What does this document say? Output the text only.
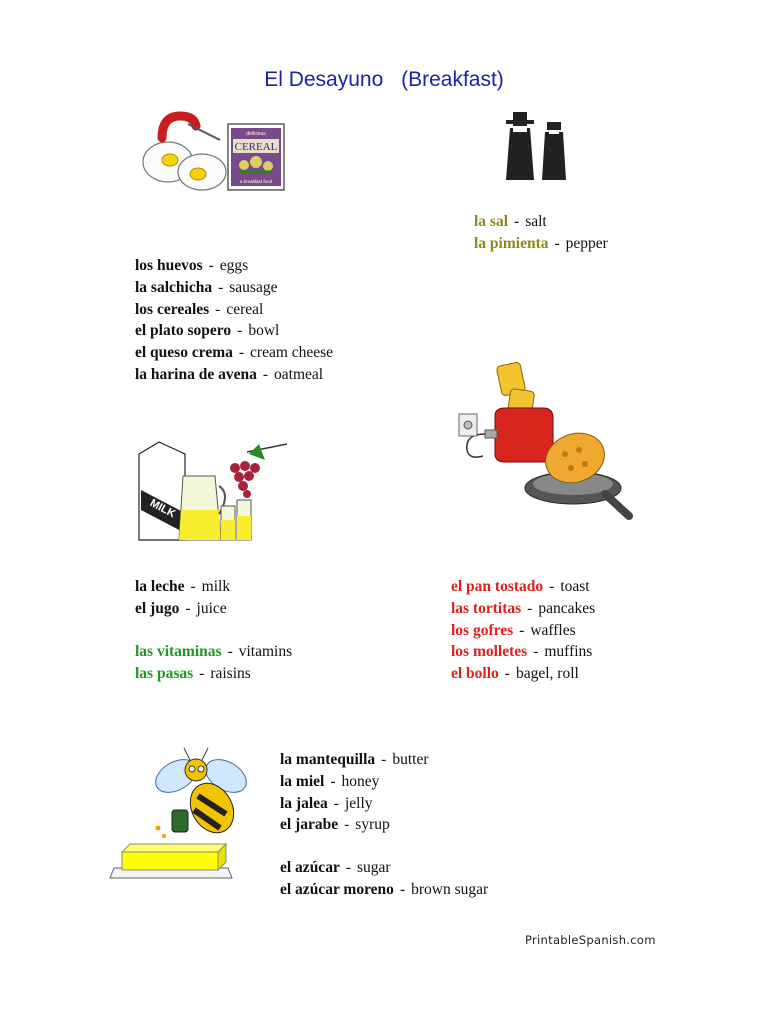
El Desayuno (Breakfast)
delicious
CEREAL
a breakfast food
la sal - salt
la pimienta - pepper
los huevos - eggs
la salchicha - sausage
los cereales - cereal
el plato sopero - bowl
el queso crema - cream cheese
la harina de avena - oatmeal
MILK
la leche - milk
el jugo - juice
las vitaminas - vitamins
las pasas - raisins
el pan tostado - toast
las tortitas - pancakes
los gofres - waffles
los molletes - muffins
el bollo - bagel, roll
la mantequilla - butter
la miel - honey
la jalea - jelly
el jarabe - syrup
el azúcar - sugar
el azúcar moreno - brown sugar
PrintableSpanish.com
